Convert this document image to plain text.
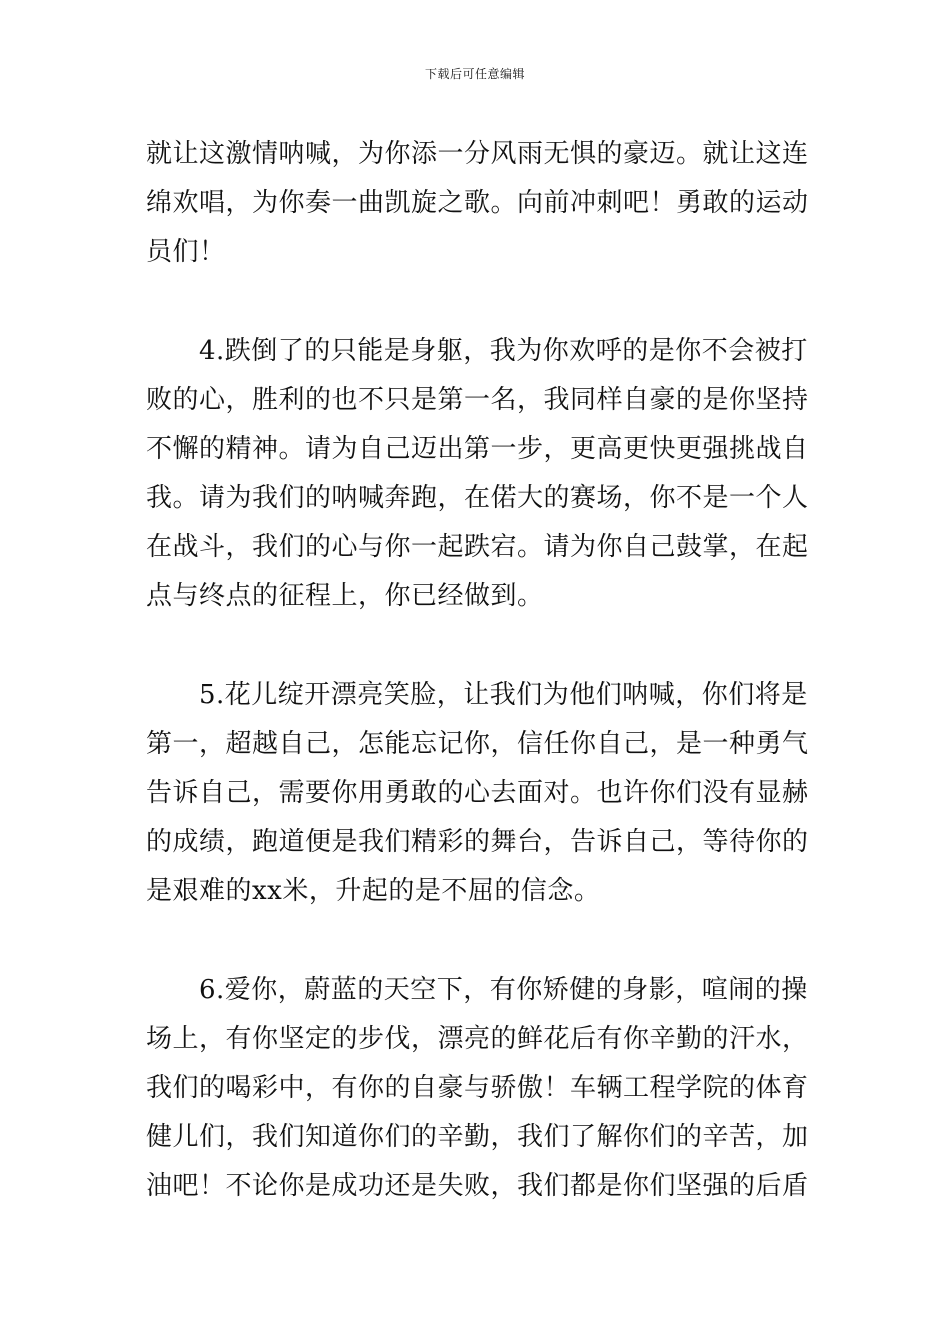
下载后可任意编辑
就让这激情呐喊，为你添一分风雨无惧的豪迈。就让这连
绵欢唱，为你奏一曲凯旋之歌。向前冲刺吧！勇敢的运动
员们！
　　4.跌倒了的只能是身躯，我为你欢呼的是你不会被打
败的心，胜利的也不只是第一名，我同样自豪的是你坚持
不懈的精神。请为自己迈出第一步，更高更快更强挑战自
我。请为我们的呐喊奔跑，在偌大的赛场，你不是一个人
在战斗，我们的心与你一起跌宕。请为你自己鼓掌，在起
点与终点的征程上，你已经做到。
　　5.花儿绽开漂亮笑脸，让我们为他们呐喊，你们将是
第一，超越自己，怎能忘记你，信任你自己，是一种勇气
告诉自己，需要你用勇敢的心去面对。也许你们没有显赫
的成绩，跑道便是我们精彩的舞台，告诉自己，等待你的
是艰难的xx米，升起的是不屈的信念。
　　6.爱你，蔚蓝的天空下，有你矫健的身影，喧闹的操
场上，有你坚定的步伐，漂亮的鲜花后有你辛勤的汗水，
我们的喝彩中，有你的自豪与骄傲！车辆工程学院的体育
健儿们，我们知道你们的辛勤，我们了解你们的辛苦，加
油吧！不论你是成功还是失败，我们都是你们坚强的后盾
